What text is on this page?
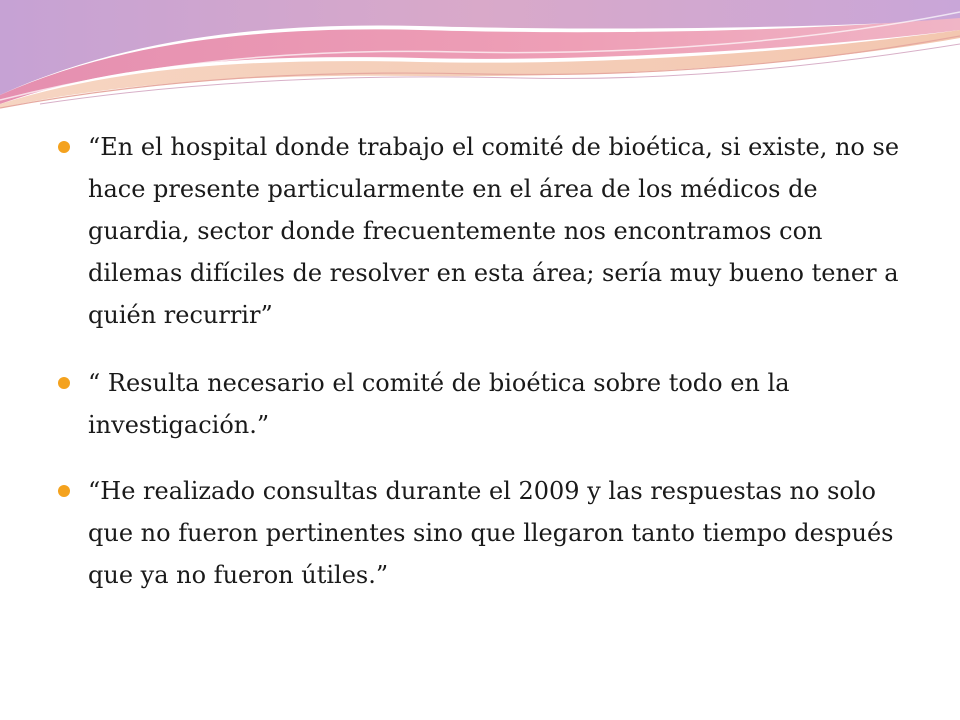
“En el hospital donde trabajo el comité de bioética, si existe, no se hace presente particularmente en el área de los médicos de guardia, sector donde frecuentemente nos encontramos con dilemas difíciles de resolver en esta área; sería muy bueno tener a quién recurrir”
“ Resulta necesario el comité de bioética sobre todo en la investigación.”
“He realizado consultas durante el 2009 y las respuestas no solo que no fueron pertinentes sino que llegaron tanto tiempo después que ya no fueron útiles.”
